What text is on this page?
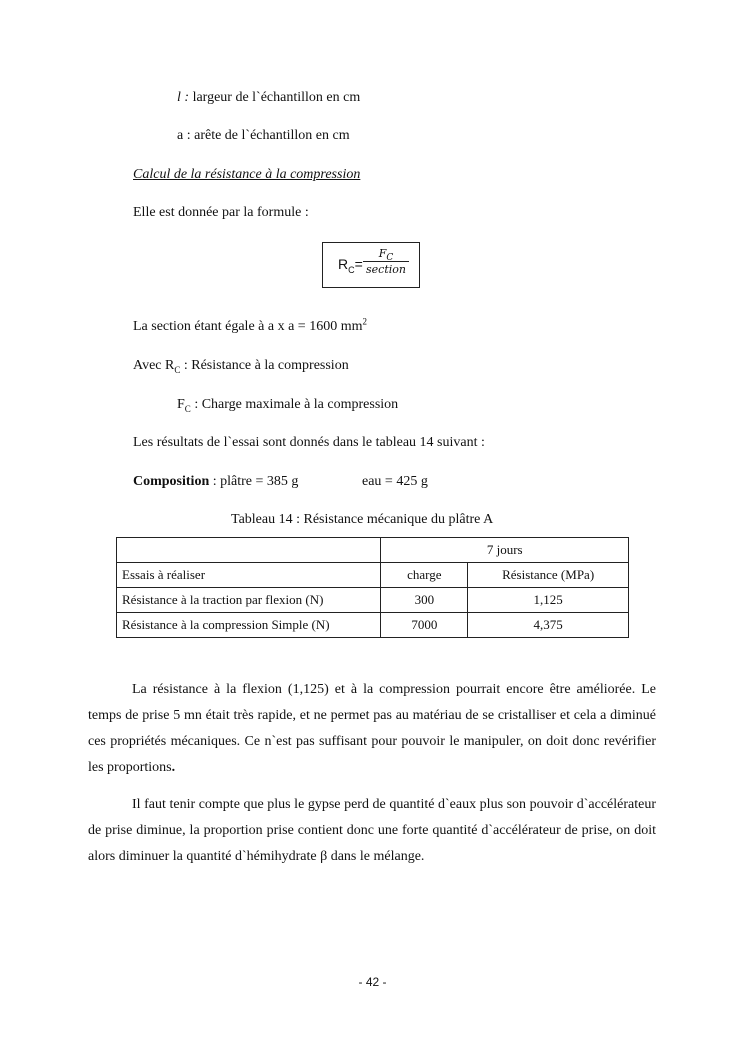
l : largeur de l`échantillon en cm
a : arête de l`échantillon en cm
Calcul de la résistance à la compression
Elle est donnée par la formule :
$R_C=$
$F_C$
section
La section étant égale à a x a = 1600 $mm^2$
Avec $R_C$ : Résistance à la compression
$F_C$ : Charge maximale à la compression
Les résultats de l`essai sont donnés dans le tableau 14 suivant :
Composition : plâtre = 385 g	eau = 425 g
Tableau 14 : Résistance mécanique du plâtre A
	7 jours	
Essais à réaliser	charge	Résistance (MPa)
Résistance à la traction par flexion (N)	300	1,125
Résistance à la compression Simple (N)	7000	4,375
La résistance à la flexion (1,125) et à la compression pourrait encore être améliorée. Le temps de prise 5 mn était très rapide, et ne permet pas au matériau de se cristalliser et cela a diminué ces propriétés mécaniques. Ce n`est pas suffisant pour pouvoir le manipuler, on doit donc revérifier les proportions.
Il faut tenir compte que plus le gypse perd de quantité d`eaux plus son pouvoir d`accélérateur de prise diminue, la proportion prise contient donc une forte quantité d`accélérateur de prise, on doit alors diminuer la quantité d`hémihydrate β dans le mélange.
- 42 -
